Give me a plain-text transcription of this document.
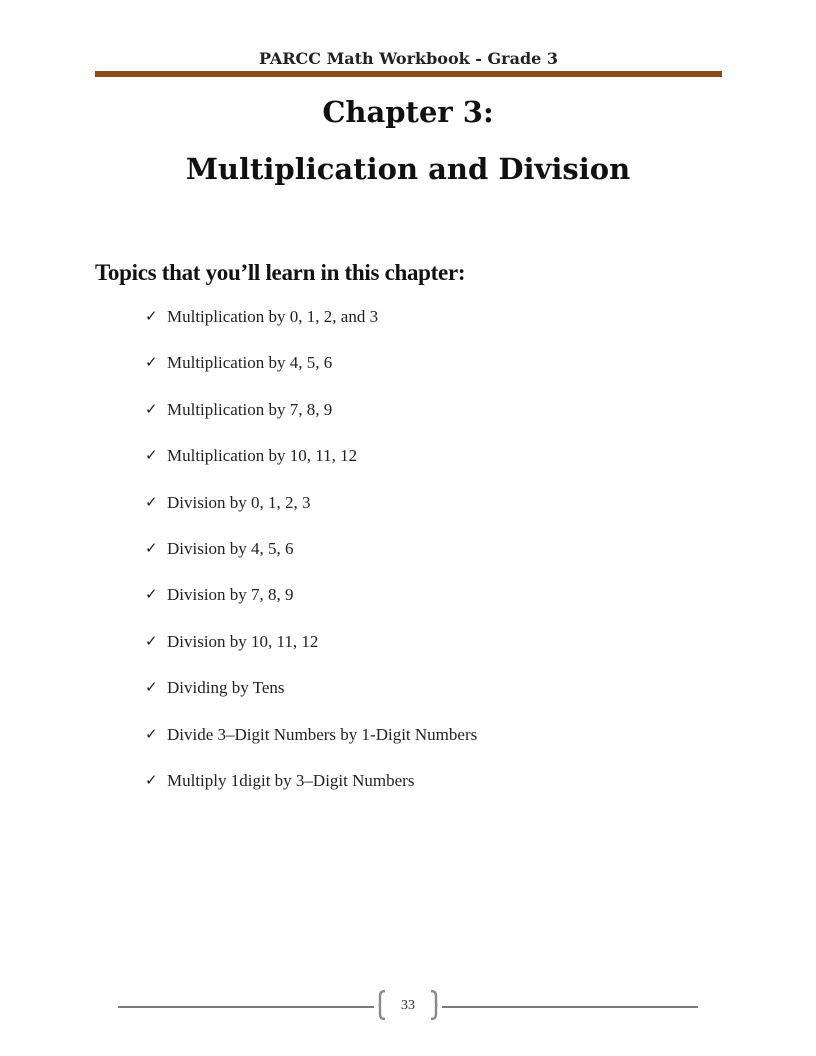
PARCC Math Workbook - Grade 3
Chapter 3:
Multiplication and Division
Topics that you’ll learn in this chapter:
✓ Multiplication by 0, 1, 2, and 3
✓ Multiplication by 4, 5, 6
✓ Multiplication by 7, 8, 9
✓ Multiplication by 10, 11, 12
✓ Division by 0, 1, 2, 3
✓ Division by 4, 5, 6
✓ Division by 7, 8, 9
✓ Division by 10, 11, 12
✓ Dividing by Tens
✓ Divide 3–Digit Numbers by 1-Digit Numbers
✓ Multiply 1digit by 3–Digit Numbers
33
